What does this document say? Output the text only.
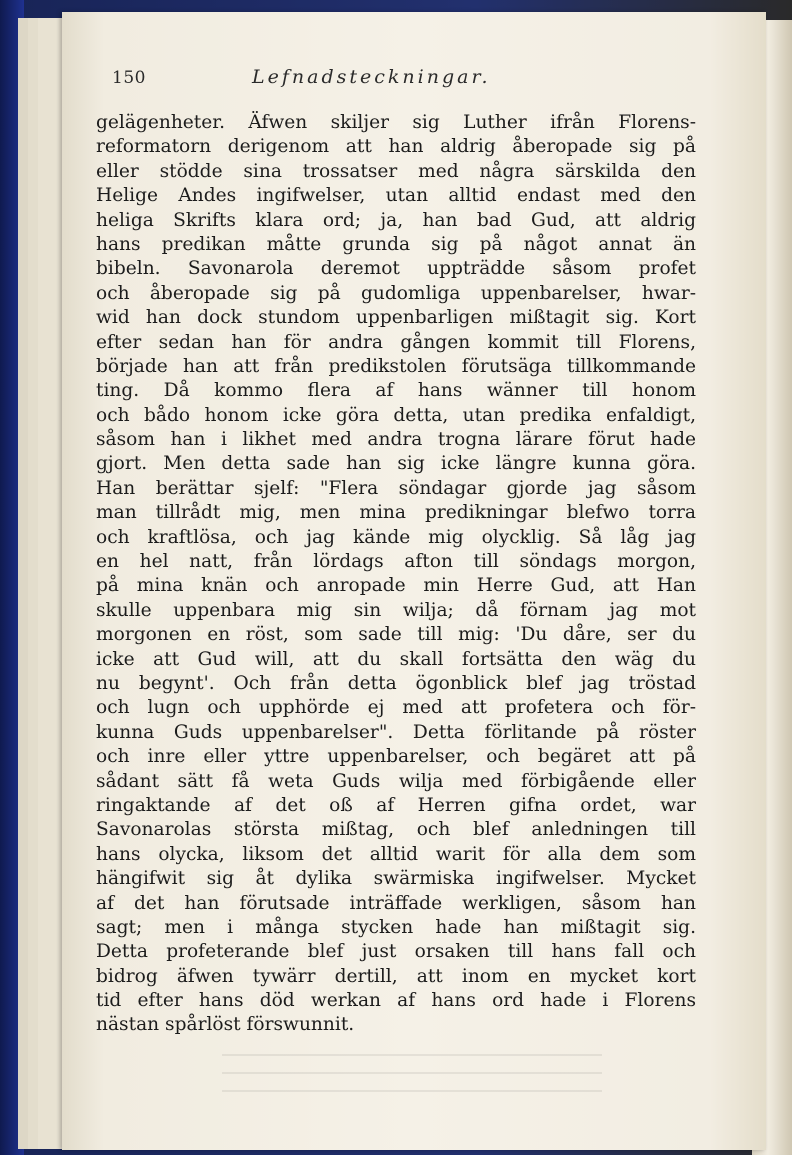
150	Lefnadsteckningar.
gelägenheter. Äfwen skiljer sig Luther ifrån Florens-
reformatorn derigenom att han aldrig åberopade sig på
eller stödde sina trossatser med några särskilda den
Helige Andes ingifwelser, utan alltid endast med den
heliga Skrifts klara ord; ja, han bad Gud, att aldrig
hans predikan måtte grunda sig på något annat än
bibeln. Savonarola deremot uppträdde såsom profet
och åberopade sig på gudomliga uppenbarelser, hwar-
wid han dock stundom uppenbarligen mißtagit sig. Kort
efter sedan han för andra gången kommit till Florens,
började han att från predikstolen förutsäga tillkommande
ting. Då kommo flera af hans wänner till honom
och bådo honom icke göra detta, utan predika enfaldigt,
såsom han i likhet med andra trogna lärare förut hade
gjort. Men detta sade han sig icke längre kunna göra.
Han berättar sjelf: "Flera söndagar gjorde jag såsom
man tillrådt mig, men mina predikningar blefwo torra
och kraftlösa, och jag kände mig olycklig. Så låg jag
en hel natt, från lördags afton till söndags morgon,
på mina knän och anropade min Herre Gud, att Han
skulle uppenbara mig sin wilja; då förnam jag mot
morgonen en röst, som sade till mig: 'Du dåre, ser du
icke att Gud will, att du skall fortsätta den wäg du
nu begynt'. Och från detta ögonblick blef jag tröstad
och lugn och upphörde ej med att profetera och för-
kunna Guds uppenbarelser". Detta förlitande på röster
och inre eller yttre uppenbarelser, och begäret att på
sådant sätt få weta Guds wilja med förbigående eller
ringaktande af det oß af Herren gifna ordet, war
Savonarolas största mißtag, och blef anledningen till
hans olycka, liksom det alltid warit för alla dem som
hängifwit sig åt dylika swärmiska ingifwelser. Mycket
af det han förutsade inträffade werkligen, såsom han
sagt; men i många stycken hade han mißtagit sig.
Detta profeterande blef just orsaken till hans fall och
bidrog äfwen tywärr dertill, att inom en mycket kort
tid efter hans död werkan af hans ord hade i Florens
nästan spårlöst förswunnit.
